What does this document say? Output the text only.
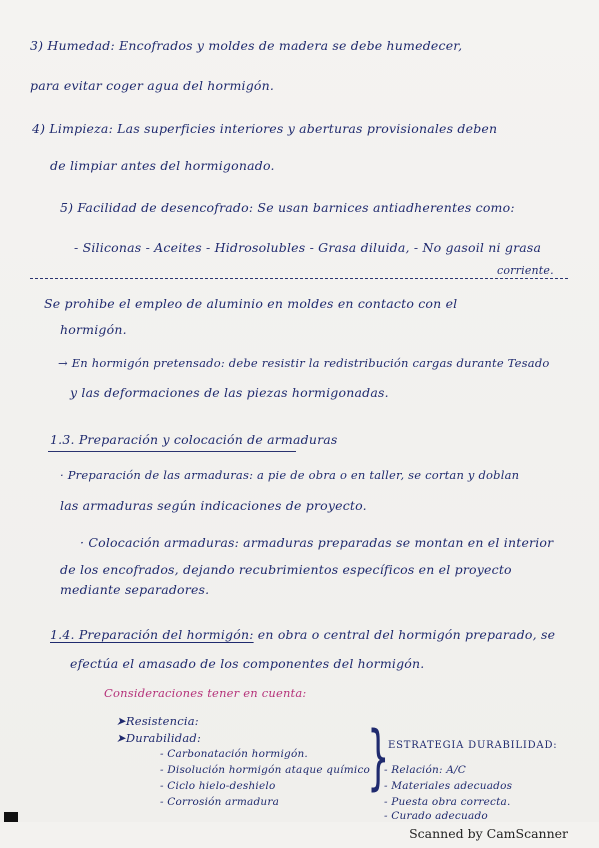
3) Humedad: Encofrados y moldes de madera se debe humedecer,
para evitar coger agua del hormigón.
4) Limpieza: Las superficies interiores y aberturas provisionales deben
de limpiar antes del hormigonado.
5) Facilidad de desencofrado: Se usan barnices antiadherentes como:
- Siliconas - Aceites - Hidrosolubles - Grasa diluida, - No gasoil ni grasa
corriente.
Se prohibe el empleo de aluminio en moldes en contacto con el
hormigón.
→ En hormigón pretensado: debe resistir la redistribución cargas durante Tesado
y las deformaciones de las piezas hormigonadas.
1.3. Preparación y colocación de armaduras
· Preparación de las armaduras: a pie de obra o en taller, se cortan y doblan
las armaduras según indicaciones de proyecto.
· Colocación armaduras: armaduras preparadas se montan en el interior
de los encofrados, dejando recubrimientos específicos en el proyecto
mediante separadores.
1.4. Preparación del hormigón: en obra o central del hormigón preparado, se
efectúa el amasado de los componentes del hormigón.
Consideraciones tener en cuenta:
➤Resistencia:
➤Durabilidad:
- Carbonatación hormigón.
- Disolución hormigón ataque químico
- Ciclo hielo-deshielo
- Corrosión armadura
}
ESTRATEGIA DURABILIDAD:
- Relación: A/C
- Materiales adecuados
- Puesta obra correcta.
- Curado adecuado
Scanned by CamScanner
